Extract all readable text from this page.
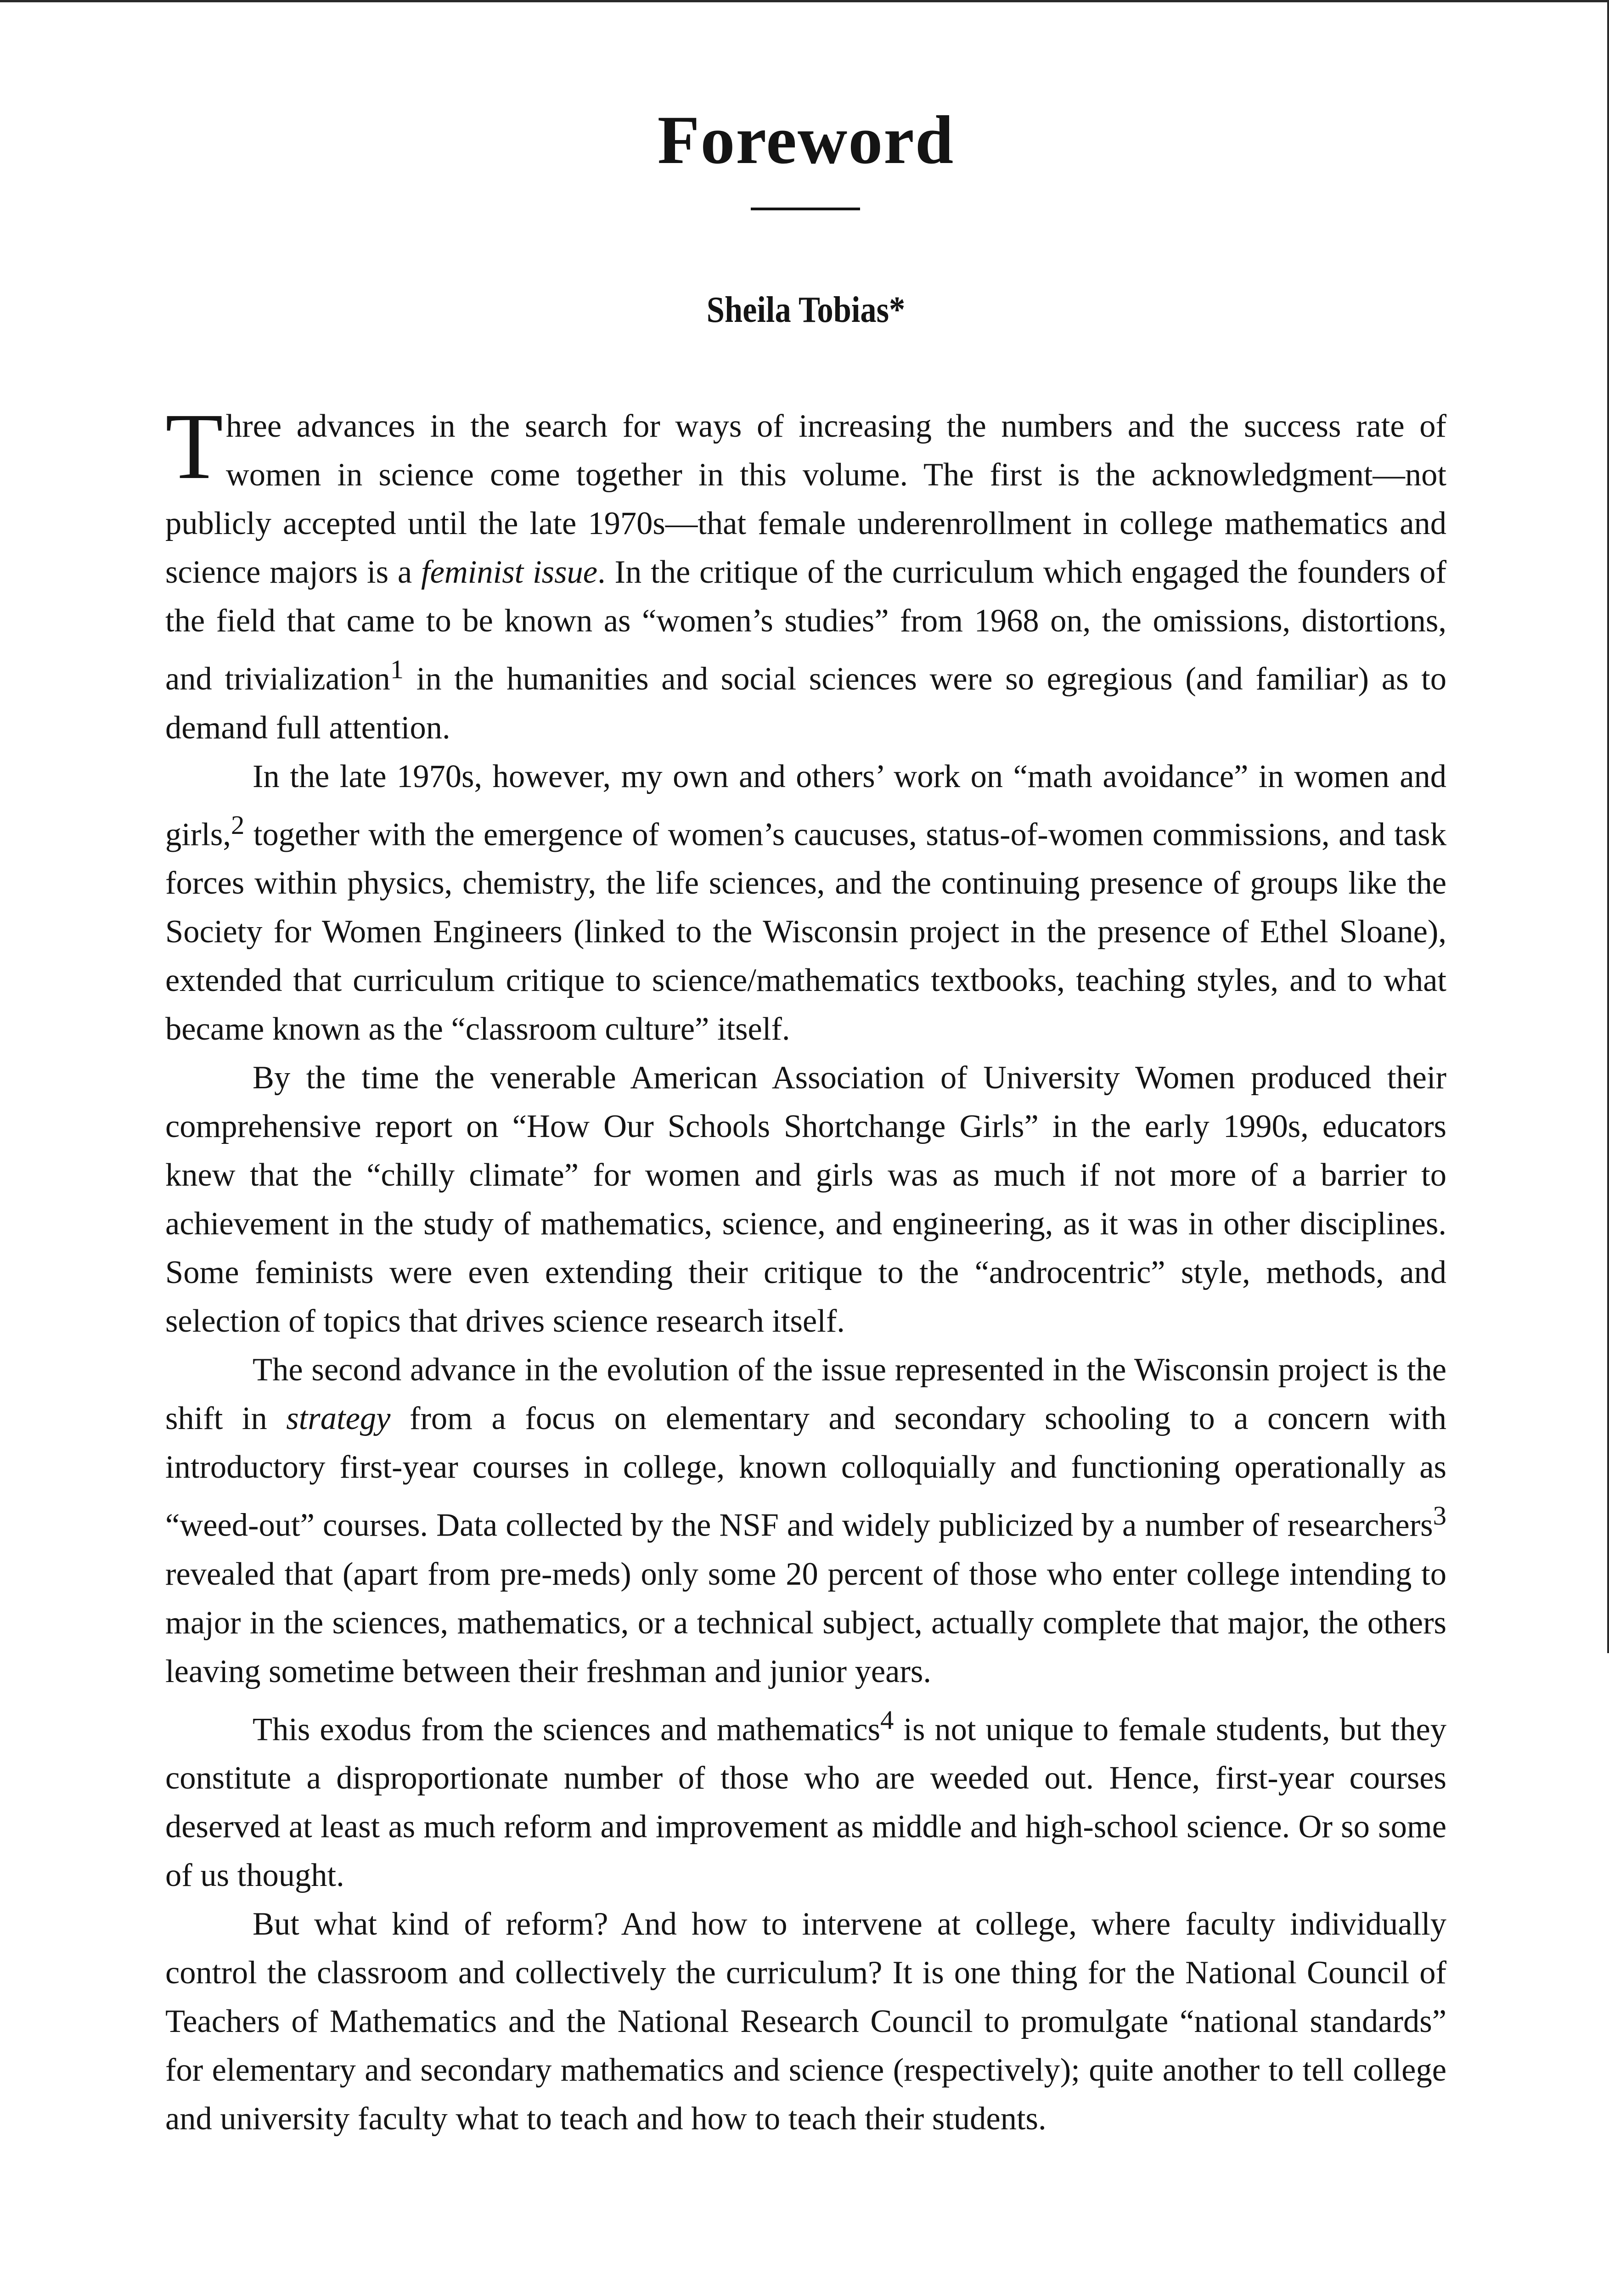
Foreword
Sheila Tobias*

Three advances in the search for ways of increasing the numbers and the success rate of women in science come together in this volume. The first is the acknowledgment—not publicly accepted until the late 1970s—that female underenrollment in college mathematics and science majors is a feminist issue. In the critique of the curriculum which engaged the founders of the field that came to be known as “women’s studies” from 1968 on, the omissions, distortions, and trivialization$^1$ in the humanities and social sciences were so egregious (and familiar) as to demand full attention.

In the late 1970s, however, my own and others’ work on “math avoidance” in women and girls,$^2$ together with the emergence of women’s caucuses, status-of-women commissions, and task forces within physics, chemistry, the life sciences, and the continuing presence of groups like the Society for Women Engineers (linked to the Wisconsin project in the presence of Ethel Sloane), extended that curriculum critique to science/mathematics textbooks, teaching styles, and to what became known as the “classroom culture” itself.

By the time the venerable American Association of University Women produced their comprehensive report on “How Our Schools Shortchange Girls” in the early 1990s, educators knew that the “chilly climate” for women and girls was as much if not more of a barrier to achievement in the study of mathematics, science, and engineering, as it was in other disciplines. Some feminists were even extending their critique to the “androcentric” style, methods, and selection of topics that drives science research itself.

The second advance in the evolution of the issue represented in the Wisconsin project is the shift in strategy from a focus on elementary and secondary schooling to a concern with introductory first-year courses in college, known colloquially and functioning operationally as “weed-out” courses. Data collected by the NSF and widely publicized by a number of researchers$^3$ revealed that (apart from pre-meds) only some 20 percent of those who enter college intending to major in the sciences, mathematics, or a technical subject, actually complete that major, the others leaving sometime between their freshman and junior years.

This exodus from the sciences and mathematics$^4$ is not unique to female students, but they constitute a disproportionate number of those who are weeded out. Hence, first-year courses deserved at least as much reform and improvement as middle and high-school science. Or so some of us thought.

But what kind of reform? And how to intervene at college, where faculty individually control the classroom and collectively the curriculum? It is one thing for the National Council of Teachers of Mathematics and the National Research Council to promulgate “national standards” for elementary and secondary mathematics and science (respectively); quite another to tell college and university faculty what to teach and how to teach their students.
